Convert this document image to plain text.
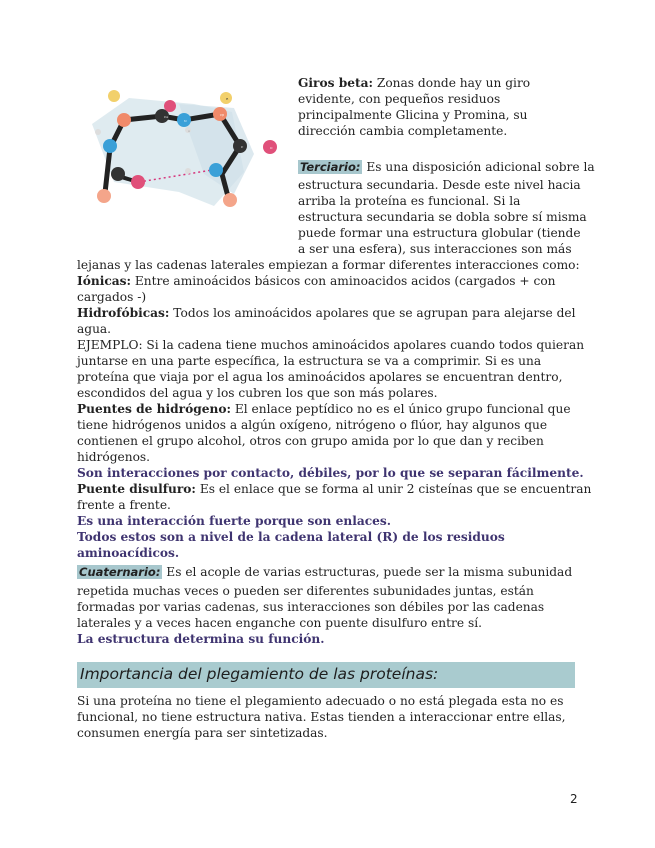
Cα
C	O
N
H
R
Cβ

Giros beta: Zonas donde hay un giro

evidente, con pequeños residuos

principalmente Glicina y Promina, su

dirección cambia completamente.

Terciario: Es una disposición adicional sobre la

estructura secundaria. Desde este nivel hacia

arriba la proteína es funcional. Si la

estructura secundaria se dobla sobre sí misma

puede formar una estructura globular (tiende

a ser una esfera), sus interacciones son más

lejanas y las cadenas laterales empiezan a formar diferentes interacciones como:

Iónicas: Entre aminoácidos básicos con aminoacidos acidos (cargados + con

cargados -)

Hidrofóbicas: Todos los aminoácidos apolares que se agrupan para alejarse del

agua.

EJEMPLO: Si la cadena tiene muchos aminoácidos apolares cuando todos quieran

juntarse en una parte específica, la estructura se va a comprimir. Si es una

proteína que viaja por el agua los aminoácidos apolares se encuentran dentro,

escondidos del agua y los cubren los que son más polares.

Puentes de hidrógeno: El enlace peptídico no es el único grupo funcional que

tiene hidrógenos unidos a algún oxígeno, nitrógeno o flúor, hay algunos que

contienen el grupo alcohol, otros con grupo amida por lo que dan y reciben

hidrógenos.

Son interacciones por contacto, débiles, por lo que se separan fácilmente.

Puente disulfuro: Es el enlace que se forma al unir 2 cisteínas que se encuentran

frente a frente.

Es una interacción fuerte porque son enlaces.

Todos estos son a nivel de la cadena lateral (R) de los residuos

aminoacídicos.

Cuaternario: Es el acople de varias estructuras, puede ser la misma subunidad

repetida muchas veces o pueden ser diferentes subunidades juntas, están

formadas por varias cadenas, sus interacciones son débiles por las cadenas

laterales y a veces hacen enganche con puente disulfuro entre sí.

La estructura determina su función.

Importancia del plegamiento de las proteínas:

Si una proteína no tiene el plegamiento adecuado o no está plegada esta no es

funcional, no tiene estructura nativa. Estas tienden a interaccionar entre ellas,

consumen energía para ser sintetizadas.

2
